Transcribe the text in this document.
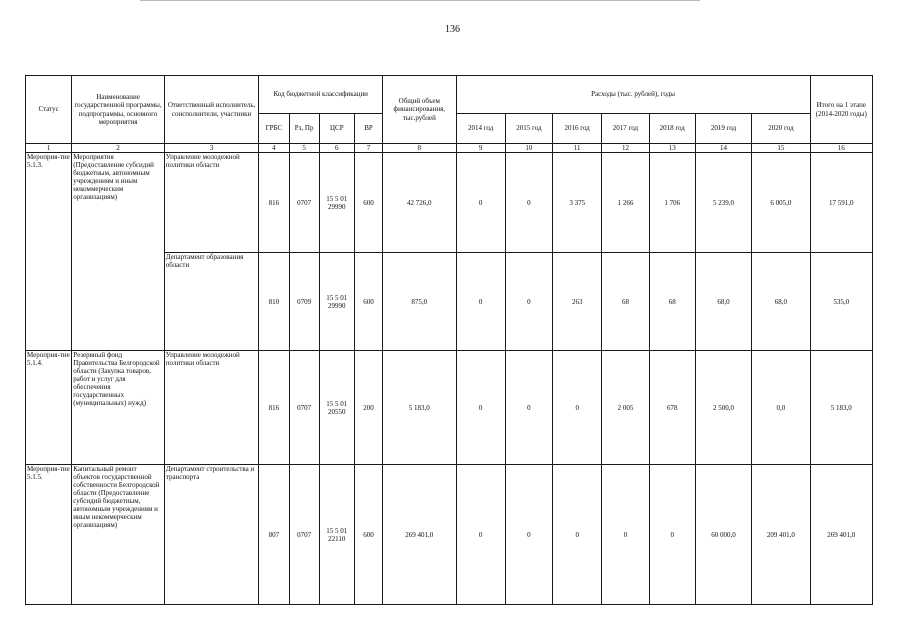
136
Статус	Наименование государственной программы, подпрограммы, основного мероприятия	Ответственный исполнитель, соисполнители, участники	Код бюджетной классификации				Общий объем финансирования, тыс.рублей	Расходы (тыс. рублей), годы							Итого на 1 этапе (2014-2020 годы)
			ГРБС	Рз, Пр	ЦСР	ВР		2014 год	2015 год	2016 год	2017 год	2018 год	2019 год	2020 год	
1	2	3	4	5	6	7	8	9	10	11	12	13	14	15	16
Мероприя-тие 5.1.3.	Мероприятия (Предоставление субсидий бюджетным, автономным учреждениям и иным некоммерческим организациям)	Управление молодежной политики области	816	0707	15 5 01 29990	600	42 726,0	0	0	3 375	1 266	1 706	5 239,0	6 005,0	17 591,0
		Департамент образования области	810	0709	15 5 01 29990	600	875,0	0	0	263	68	68	68,0	68,0	535,0
Мероприя-тие 5.1.4.	Резервный фонд Правительства Белгородской области (Закупка товаров, работ и услуг для обеспечения государственных (муниципальных) нужд)	Управление молодежной политики области	816	0707	15 5 01 20550	200	5 183,0	0	0	0	2 005	678	2 500,0	0,0	5 183,0
Мероприя-тие 5.1.5.	Капитальный ремонт объектов государственной собственности Белгородской области (Предоставление субсидий бюджетным, автономным учреждениям и иным некоммерческим организациям)	Департамент строительства и транспорта	807	0707	15 5 01 22110	600	269 401,0	0	0	0	0	0	60 000,0	209 401,0	269 401,0
